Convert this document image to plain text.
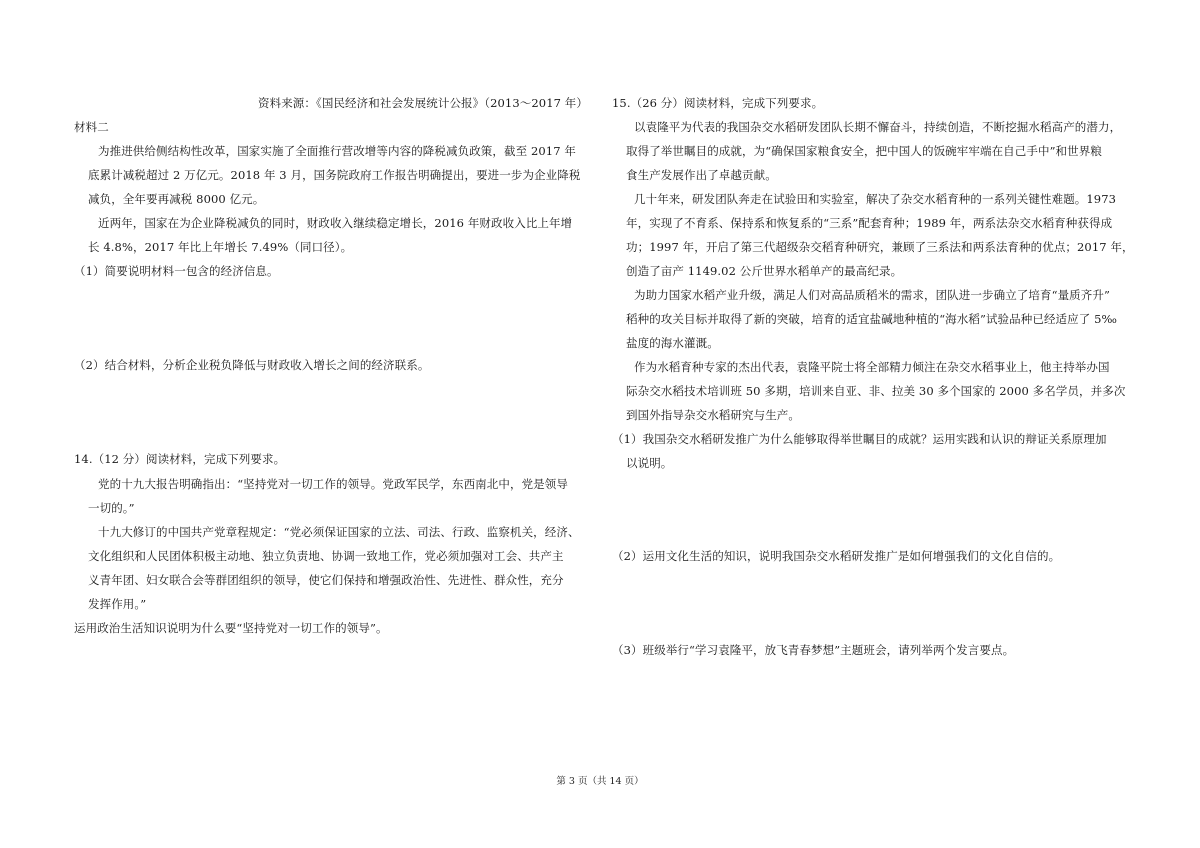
资料来源：《国民经济和社会发展统计公报》（2013～2017 年）
材料二
为推进供给侧结构性改革，国家实施了全面推行营改增等内容的降税减负政策，截至 2017 年
底累计减税超过 2 万亿元。2018 年 3 月，国务院政府工作报告明确提出，要进一步为企业降税
减负，全年要再减税 8000 亿元。
近两年，国家在为企业降税减负的同时，财政收入继续稳定增长，2016 年财政收入比上年增
长 4.8%，2017 年比上年增长 7.49%（同口径）。
（1）简要说明材料一包含的经济信息。
（2）结合材料，分析企业税负降低与财政收入增长之间的经济联系。
14.（12 分）阅读材料，完成下列要求。
党的十九大报告明确指出：“坚持党对一切工作的领导。党政军民学，东西南北中，党是领导
一切的。”
十九大修订的中国共产党章程规定：“党必须保证国家的立法、司法、行政、监察机关，经济、
文化组织和人民团体积极主动地、独立负责地、协调一致地工作，党必须加强对工会、共产主
义青年团、妇女联合会等群团组织的领导，使它们保持和增强政治性、先进性、群众性，充分
发挥作用。”
运用政治生活知识说明为什么要“坚持党对一切工作的领导”。
15.（26 分）阅读材料，完成下列要求。
以袁隆平为代表的我国杂交水稻研发团队长期不懈奋斗，持续创造，不断挖掘水稻高产的潜力，
取得了举世瞩目的成就，为“确保国家粮食安全，把中国人的饭碗牢牢端在自己手中”和世界粮
食生产发展作出了卓越贡献。
几十年来，研发团队奔走在试验田和实验室，解决了杂交水稻育种的一系列关键性难题。1973
年，实现了不育系、保持系和恢复系的“三系”配套育种；1989 年，两系法杂交水稻育种获得成
功；1997 年，开启了第三代超级杂交稻育种研究，兼顾了三系法和两系法育种的优点；2017 年，
创造了亩产 1149.02 公斤世界水稻单产的最高纪录。
为助力国家水稻产业升级，满足人们对高品质稻米的需求，团队进一步确立了培育“量质齐升”
稻种的攻关目标并取得了新的突破，培育的适宜盐碱地种植的“海水稻”试验品种已经适应了 5‰
盐度的海水灌溉。
作为水稻育种专家的杰出代表，袁隆平院士将全部精力倾注在杂交水稻事业上，他主持举办国
际杂交水稻技术培训班 50 多期，培训来自亚、非、拉美 30 多个国家的 2000 多名学员，并多次
到国外指导杂交水稻研究与生产。
（1）我国杂交水稻研发推广为什么能够取得举世瞩目的成就？运用实践和认识的辩证关系原理加
以说明。
（2）运用文化生活的知识，说明我国杂交水稻研发推广是如何增强我们的文化自信的。
（3）班级举行“学习袁隆平，放飞青春梦想”主题班会，请列举两个发言要点。
第 3 页（共 14 页）
